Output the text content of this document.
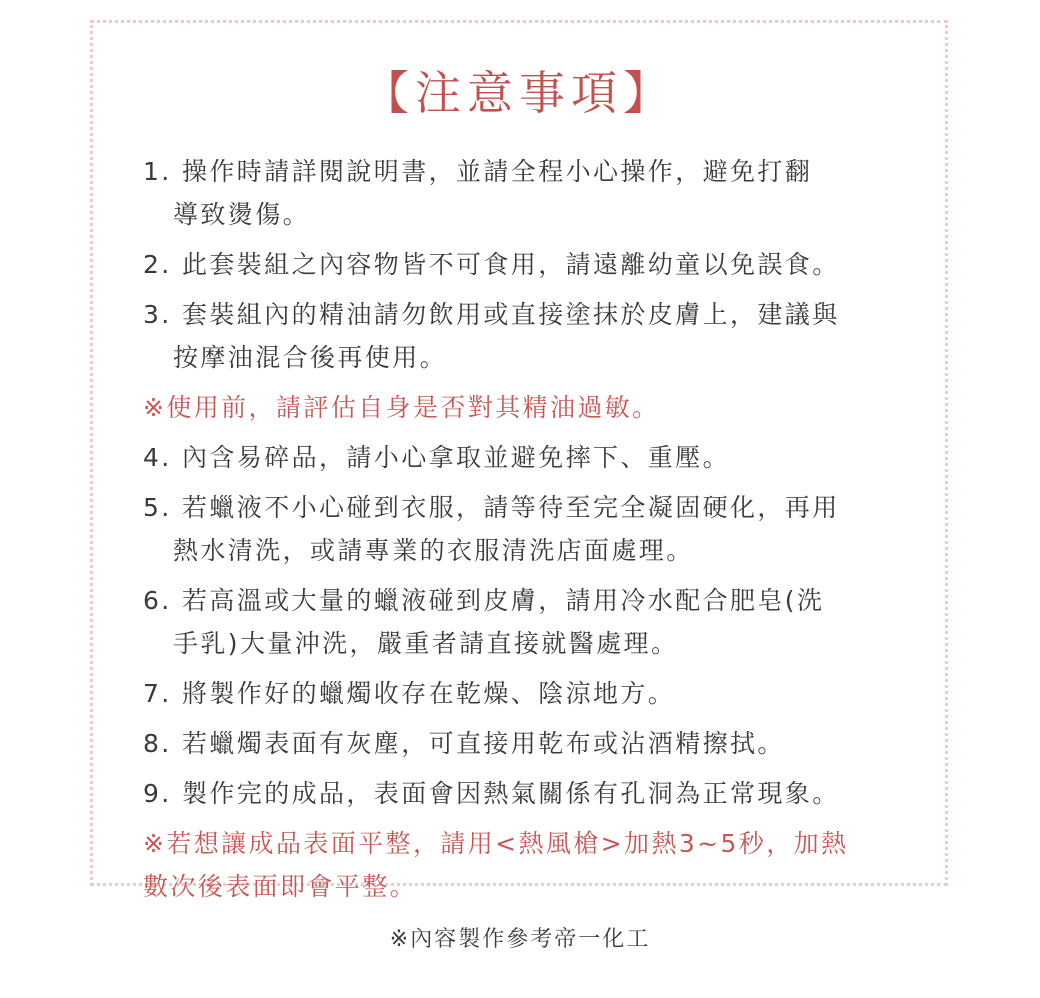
【注意事項】
1. 操作時請詳閱說明書，並請全程小心操作，避免打翻
導致燙傷。
2. 此套裝組之內容物皆不可食用，請遠離幼童以免誤食。
3. 套裝組內的精油請勿飲用或直接塗抹於皮膚上，建議與
按摩油混合後再使用。
※使用前，請評估自身是否對其精油過敏。
4. 內含易碎品，請小心拿取並避免摔下、重壓。
5. 若蠟液不小心碰到衣服，請等待至完全凝固硬化，再用
熱水清洗，或請專業的衣服清洗店面處理。
6. 若高溫或大量的蠟液碰到皮膚，請用冷水配合肥皂(洗
手乳)大量沖洗，嚴重者請直接就醫處理。
7. 將製作好的蠟燭收存在乾燥、陰涼地方。
8. 若蠟燭表面有灰塵，可直接用乾布或沾酒精擦拭。
9. 製作完的成品，表面會因熱氣關係有孔洞為正常現象。
※若想讓成品表面平整，請用<熱風槍>加熱3~5秒，加熱
數次後表面即會平整。
※內容製作參考帝一化工
